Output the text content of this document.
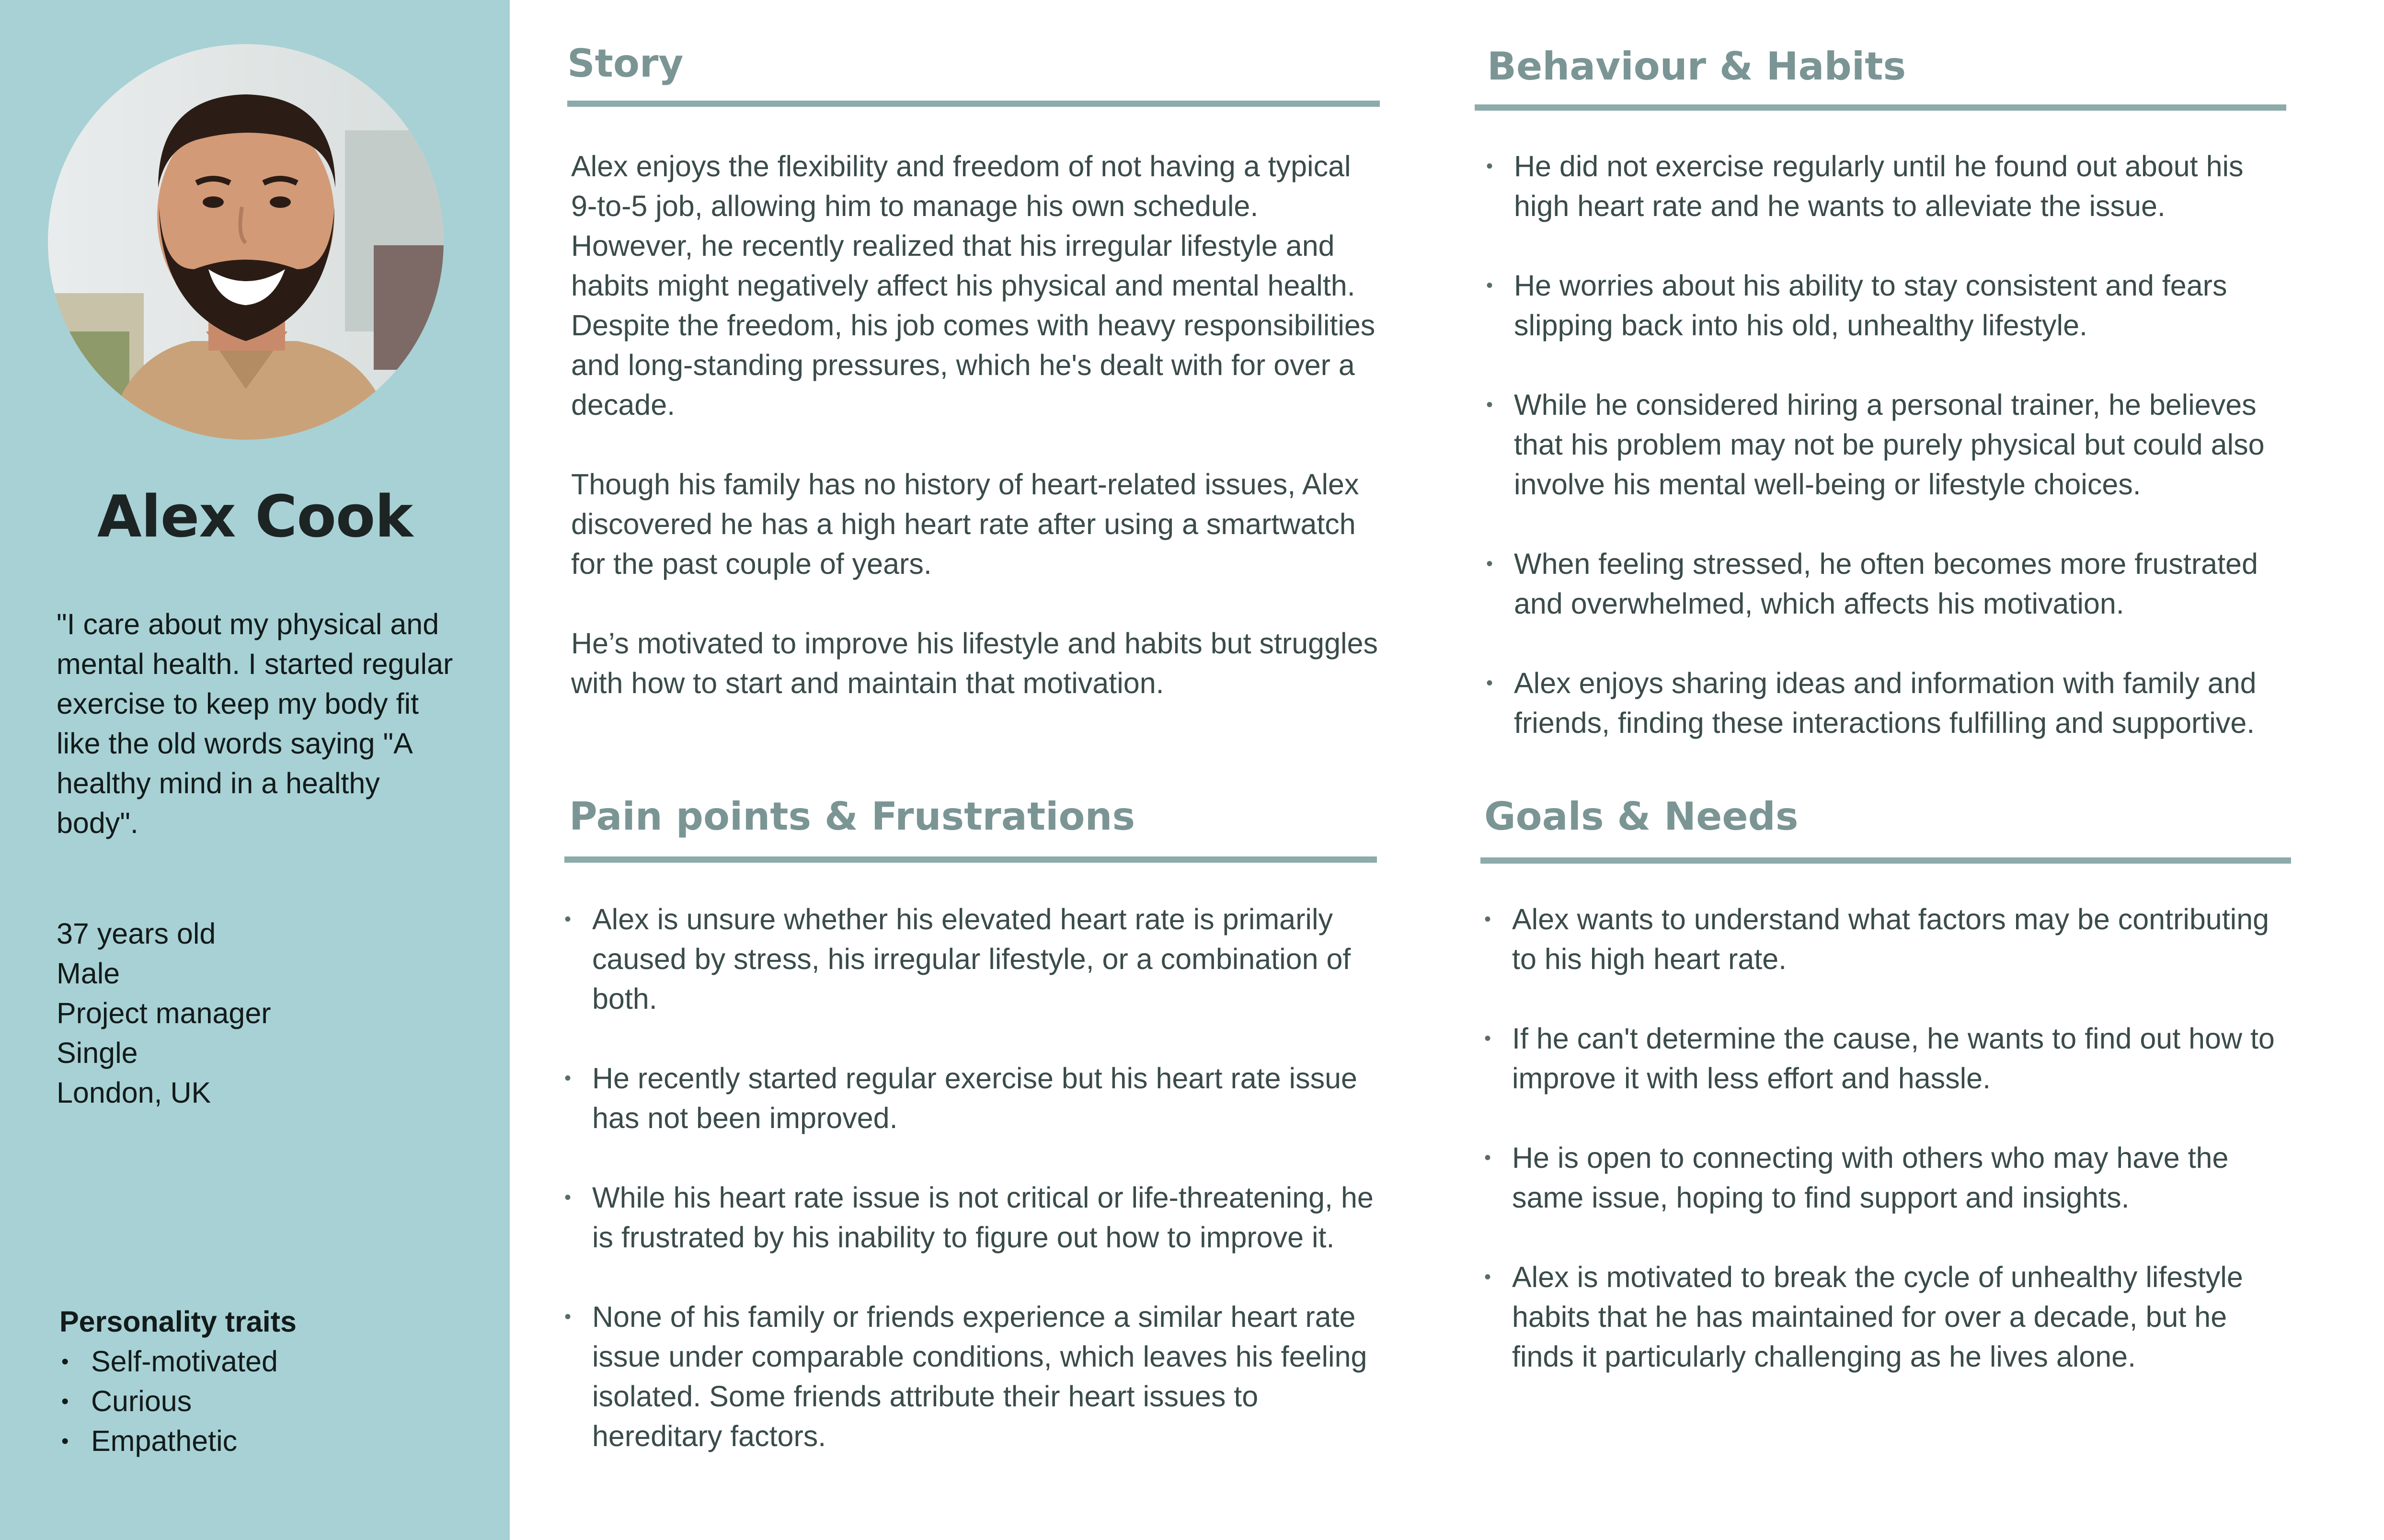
Alex Cook
"I care about my physical and mental health. I started regular exercise to keep my body fit like the old words saying "A healthy mind in a healthy body".
37 years old
Male
Project manager
Single
London, UK
Personality traits
• Self-motivated
• Curious
• Empathetic
Story

Alex enjoys the flexibility and freedom of not having a typical 9-to-5 job, allowing him to manage his own schedule. However, he recently realized that his irregular lifestyle and habits might negatively affect his physical and mental health. Despite the freedom, his job comes with heavy responsibilities and long-standing pressures, which he's dealt with for over a decade.

Though his family has no history of heart-related issues, Alex discovered he has a high heart rate after using a smartwatch for the past couple of years.

He’s motivated to improve his lifestyle and habits but struggles with how to start and maintain that motivation.

Behaviour & Habits
• He did not exercise regularly until he found out about his high heart rate and he wants to alleviate the issue.
• He worries about his ability to stay consistent and fears slipping back into his old, unhealthy lifestyle.
• While he considered hiring a personal trainer, he believes that his problem may not be purely physical but could also involve his mental well-being or lifestyle choices.
• When feeling stressed, he often becomes more frustrated and overwhelmed, which affects his motivation.
• Alex enjoys sharing ideas and information with family and friends, finding these interactions fulfilling and supportive.
Pain points & Frustrations
• Alex is unsure whether his elevated heart rate is primarily caused by stress, his irregular lifestyle, or a combination of both.
• He recently started regular exercise but his heart rate issue has not been improved.
• While his heart rate issue is not critical or life-threatening, he is frustrated by his inability to figure out how to improve it.
• None of his family or friends experience a similar heart rate issue under comparable conditions, which leaves his feeling isolated. Some friends attribute their heart issues to hereditary factors.
Goals & Needs
• Alex wants to understand what factors may be contributing to his high heart rate.
• If he can't determine the cause, he wants to find out how to improve it with less effort and hassle.
• He is open to connecting with others who may have the same issue, hoping to find support and insights.
• Alex is motivated to break the cycle of unhealthy lifestyle habits that he has maintained for over a decade, but he finds it particularly challenging as he lives alone.
